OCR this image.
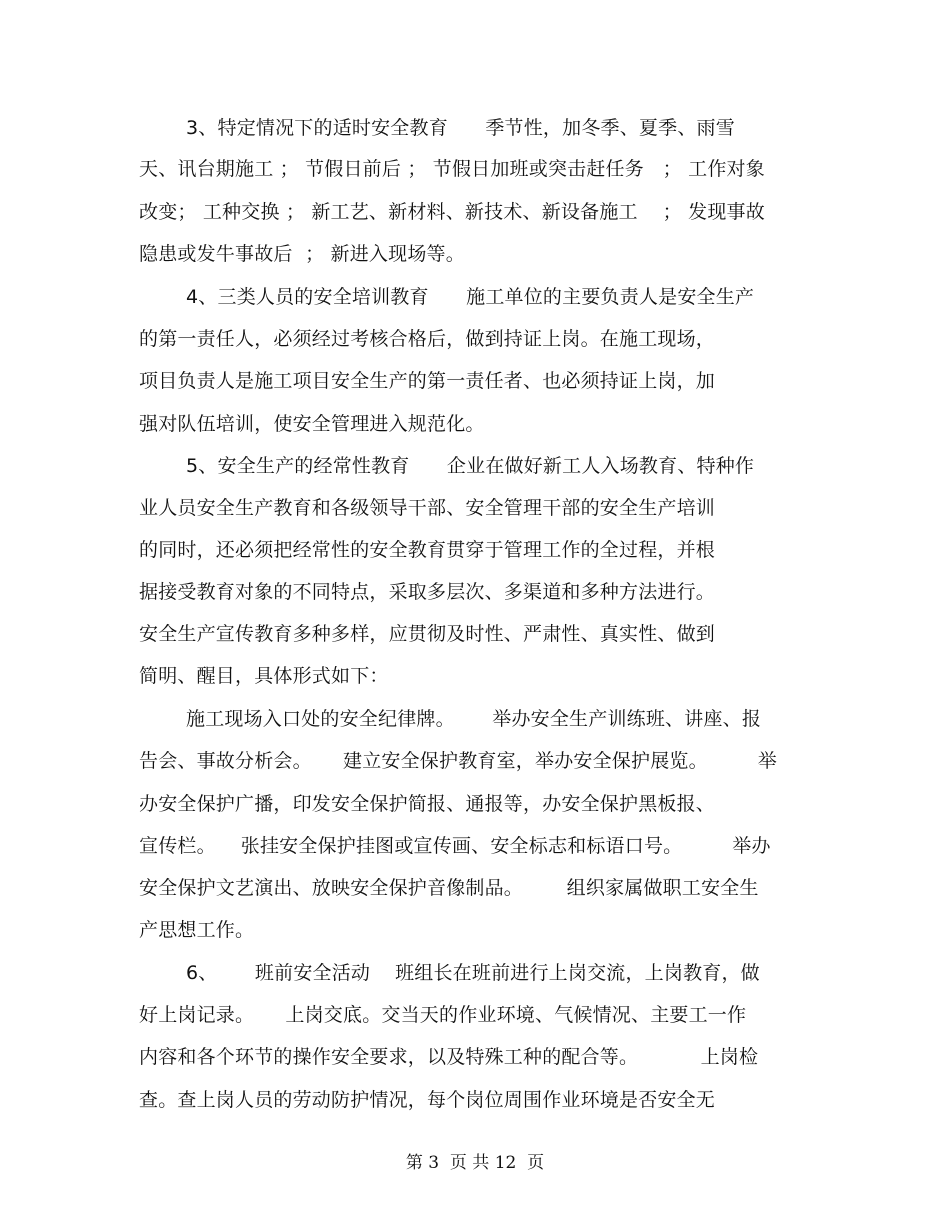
3、特定情况下的适时安全教育      季节性，加冬季、夏季、雨雪
天、讯台期施工 ； 节假日前后 ； 节假日加班或突击赶任务   ； 工作对象
改变； 工种交换 ； 新工艺、新材料、新技术、新设备施工    ； 发现事故
隐患或发牛事故后  ； 新进入现场等。
4、三类人员的安全培训教育      施工单位的主要负责人是安全生产
的第一责任人，必须经过考核合格后，做到持证上岗。在施工现场，
项目负责人是施工项目安全生产的第一责任者、也必须持证上岗，加
强对队伍培训，使安全管理进入规范化。
5、安全生产的经常性教育      企业在做好新工人入场教育、特种作
业人员安全生产教育和各级领导干部、安全管理干部的安全生产培训
的同时，还必须把经常性的安全教育贯穿于管理工作的全过程，并根
据接受教育对象的不同特点，采取多层次、多渠道和多种方法进行。
安全生产宣传教育多种多样，应贯彻及时性、严肃性、真实性、做到
简明、醒目，具体形式如下：
施工现场入口处的安全纪律牌。      举办安全生产训练班、讲座、报
告会、事故分析会。     建立安全保护教育室，举办安全保护展览。        举
办安全保护广播，印发安全保护简报、通报等，办安全保护黑板报、
宣传栏。    张挂安全保护挂图或宣传画、安全标志和标语口号。        举办
安全保护文艺演出、放映安全保护音像制品。       组织家属做职工安全生
产思想工作。
6、      班前安全活动    班组长在班前进行上岗交流，上岗教育，做
好上岗记录。     上岗交底。交当天的作业环境、气候情况、主要工一作
内容和各个环节的操作安全要求，以及特殊工种的配合等。          上岗检
查。查上岗人员的劳动防护情况，每个岗位周围作业环境是否安全无
第 3  页 共 12  页
